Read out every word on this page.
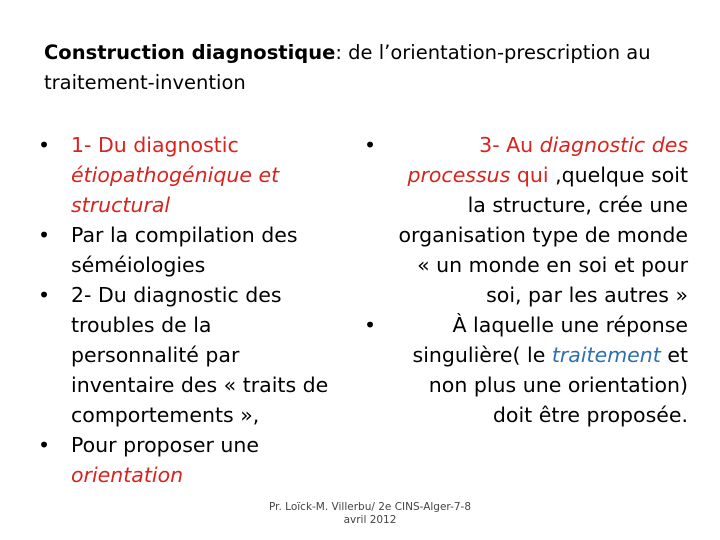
Construction diagnostique: de l’orientation-prescription au traitement-invention
• 1- Du diagnostic étiopathogénique et structural
• Par la compilation des séméiologies
• 2- Du diagnostic des troubles de la personnalité par inventaire des « traits de comportements »,
• Pour proposer une orientation
• 3- Au diagnostic des processus qui ,quelque soit la structure, crée une organisation type de monde « un monde en soi et pour soi, par les autres »
• À laquelle une réponse singulière( le traitement et non plus une orientation) doit être proposée.
Pr. Loïck-M. Villerbu/ 2e CINS-Alger-7-8
avril 2012
